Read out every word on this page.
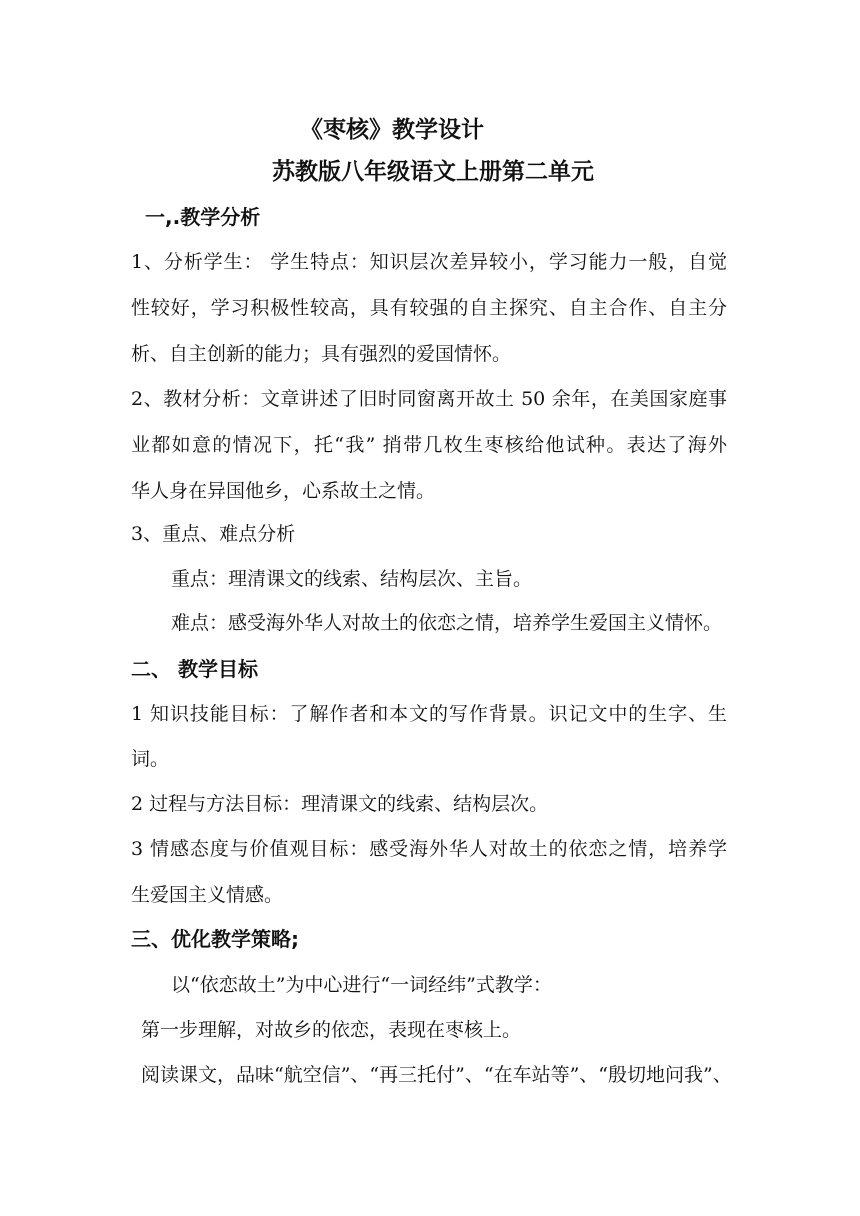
《枣核》教学设计
苏教版八年级语文上册第二单元
一,.教学分析
1、分析学生： 学生特点：知识层次差异较小，学习能力一般，自觉
性较好，学习积极性较高，具有较强的自主探究、自主合作、自主分
析、自主创新的能力；具有强烈的爱国情怀。
2、教材分析：文章讲述了旧时同窗离开故土 50 余年，在美国家庭事
业都如意的情况下，托“我” 捎带几枚生枣核给他试种。表达了海外
华人身在异国他乡，心系故土之情。
3、重点、难点分析
重点：理清课文的线索、结构层次、主旨。
难点：感受海外华人对故土的依恋之情，培养学生爱国主义情怀。
二、 教学目标
1 知识技能目标：了解作者和本文的写作背景。识记文中的生字、生
词。
2 过程与方法目标：理清课文的线索、结构层次。
3 情感态度与价值观目标：感受海外华人对故土的依恋之情，培养学
生爱国主义情感。
三、优化教学策略;
以“依恋故土”为中心进行“一词经纬”式教学：
第一步理解，对故乡的依恋，表现在枣核上。
阅读课文，品味“航空信”、“再三托付”、“在车站等”、“殷切地问我”、
